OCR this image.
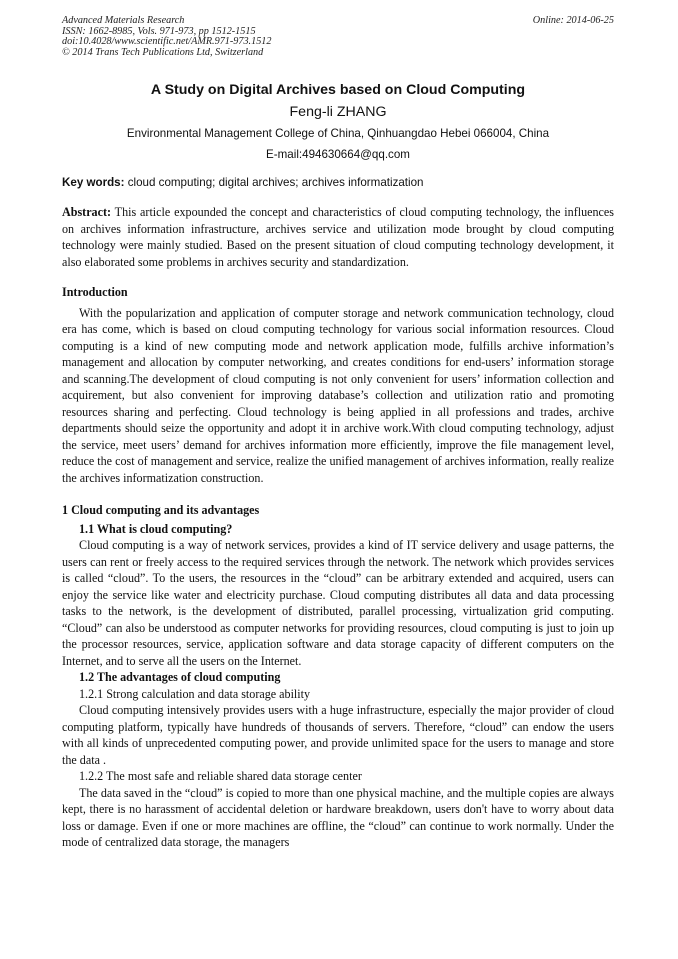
Advanced Materials Research
ISSN: 1662-8985, Vols. 971-973, pp 1512-1515
doi:10.4028/www.scientific.net/AMR.971-973.1512
© 2014 Trans Tech Publications Ltd, Switzerland
Online: 2014-06-25
A Study on Digital Archives based on Cloud Computing
Feng-li ZHANG
Environmental Management College of China, Qinhuangdao Hebei 066004, China
E-mail:494630664@qq.com
Key words: cloud computing; digital archives; archives informatization

Abstract: This article expounded the concept and characteristics of cloud computing technology, the influences on archives information infrastructure, archives service and utilization mode brought by cloud computing technology were mainly studied. Based on the present situation of cloud computing technology development, it also elaborated some problems in archives security and standardization.

Introduction

With the popularization and application of computer storage and network communication technology, cloud era has come, which is based on cloud computing technology for various social information resources. Cloud computing is a kind of new computing mode and network application mode, fulfills archive information’s management and allocation by computer networking, and creates conditions for end-users’ information storage and scanning.The development of cloud computing is not only convenient for users’ information collection and acquirement, but also convenient for improving database’s collection and utilization ratio and promoting resources sharing and perfecting. Cloud technology is being applied in all professions and trades, archive departments should seize the opportunity and adopt it in archive work.With cloud computing technology, adjust the service, meet users’ demand for archives information more efficiently, improve the file management level, reduce the cost of management and service, realize the unified management of archives information, really realize the archives informatization construction.

1 Cloud computing and its advantages
1.1 What is cloud computing?

Cloud computing is a way of network services, provides a kind of IT service delivery and usage patterns, the users can rent or freely access to the required services through the network. The network which provides services is called “cloud”. To the users, the resources in the “cloud” can be arbitrary extended and acquired, users can enjoy the service like water and electricity purchase. Cloud computing distributes all data and data processing tasks to the network, is the development of distributed, parallel processing, virtualization grid computing. “Cloud” can also be understood as computer networks for providing resources, cloud computing is just to join up the processor resources, service, application software and data storage capacity of different computers on the Internet, and to serve all the users on the Internet.

1.2 The advantages of cloud computing

1.2.1 Strong calculation and data storage ability

Cloud computing intensively provides users with a huge infrastructure, especially the major provider of cloud computing platform, typically have hundreds of thousands of servers. Therefore, “cloud” can endow the users with all kinds of unprecedented computing power, and provide unlimited space for the users to manage and store the data .

1.2.2 The most safe and reliable shared data storage center

The data saved in the “cloud” is copied to more than one physical machine, and the multiple copies are always kept, there is no harassment of accidental deletion or hardware breakdown, users don't have to worry about data loss or damage. Even if one or more machines are offline, the “cloud” can continue to work normally. Under the mode of centralized data storage, the managers
